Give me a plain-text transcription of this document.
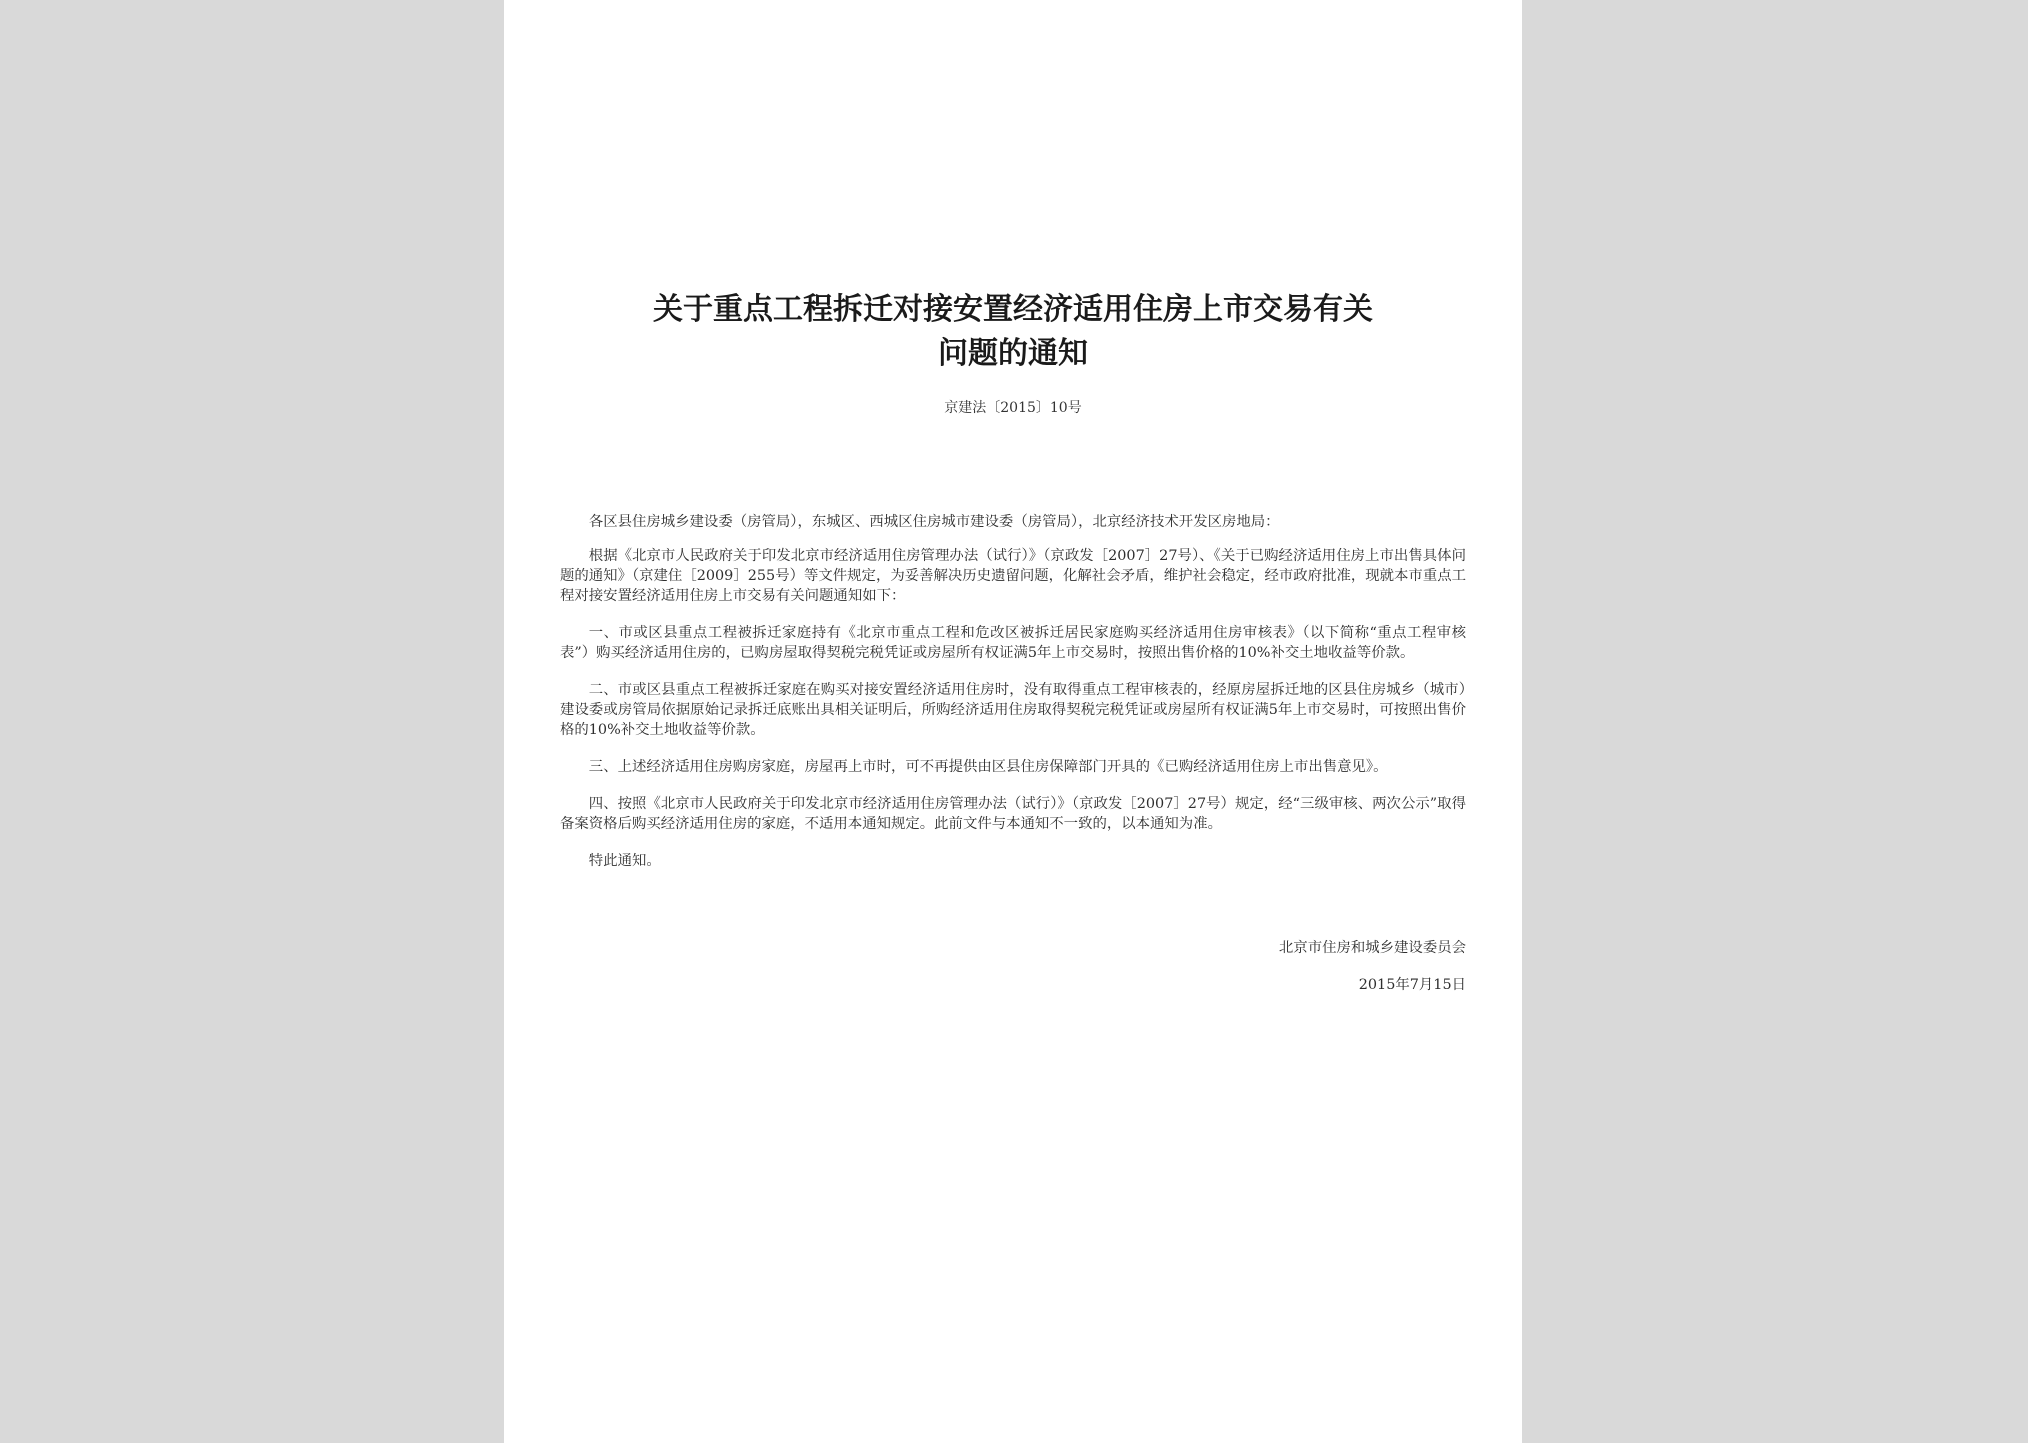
关于重点工程拆迁对接安置经济适用住房上市交易有关
问题的通知
京建法〔2015〕10号

各区县住房城乡建设委（房管局），东城区、西城区住房城市建设委（房管局），北京经济技术开发区房地局：

根据《北京市人民政府关于印发北京市经济适用住房管理办法（试行）》（京政发［2007］27号）、《关于已购经济适用住房上市出售具体问题的通知》（京建住［2009］255号）等文件规定，为妥善解决历史遗留问题，化解社会矛盾，维护社会稳定，经市政府批准，现就本市重点工程对接安置经济适用住房上市交易有关问题通知如下：

一、市或区县重点工程被拆迁家庭持有《北京市重点工程和危改区被拆迁居民家庭购买经济适用住房审核表》（以下简称“重点工程审核表”）购买经济适用住房的，已购房屋取得契税完税凭证或房屋所有权证满5年上市交易时，按照出售价格的10%补交土地收益等价款。

二、市或区县重点工程被拆迁家庭在购买对接安置经济适用住房时，没有取得重点工程审核表的，经原房屋拆迁地的区县住房城乡（城市）建设委或房管局依据原始记录拆迁底账出具相关证明后，所购经济适用住房取得契税完税凭证或房屋所有权证满5年上市交易时，可按照出售价格的10%补交土地收益等价款。

三、上述经济适用住房购房家庭，房屋再上市时，可不再提供由区县住房保障部门开具的《已购经济适用住房上市出售意见》。

四、按照《北京市人民政府关于印发北京市经济适用住房管理办法（试行）》（京政发［2007］27号）规定，经“三级审核、两次公示”取得备案资格后购买经济适用住房的家庭，不适用本通知规定。此前文件与本通知不一致的，以本通知为准。

特此通知。

北京市住房和城乡建设委员会
2015年7月15日
